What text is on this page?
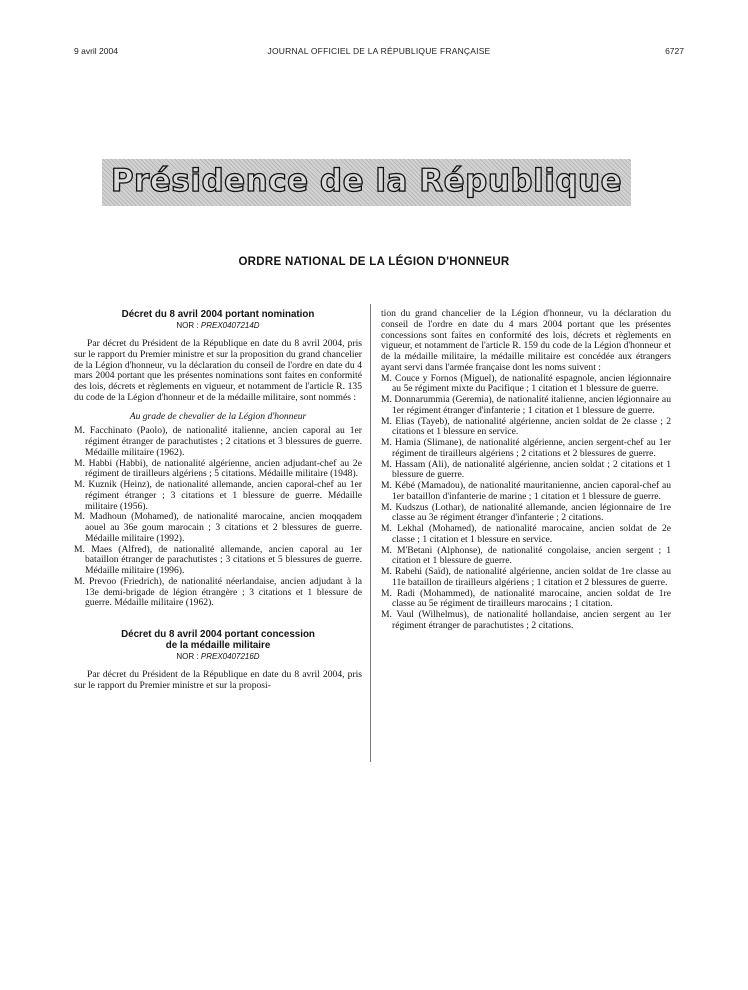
9 avril 2004	JOURNAL OFFICIEL DE LA RÉPUBLIQUE FRANÇAISE	6727
Présidence de la République
ORDRE NATIONAL DE LA LÉGION D'HONNEUR
Décret du 8 avril 2004 portant nomination
NOR : PREX0407214D

Par décret du Président de la République en date du 8 avril 2004, pris sur le rapport du Premier ministre et sur la proposition du grand chancelier de la Légion d'honneur, vu la déclaration du conseil de l'ordre en date du 4 mars 2004 portant que les présentes nominations sont faites en conformité des lois, décrets et règlements en vigueur, et notamment de l'article R. 135 du code de la Légion d'honneur et de la médaille militaire, sont nommés :

Au grade de chevalier de la Légion d'honneur

M. Facchinato (Paolo), de nationalité italienne, ancien caporal au 1er régiment étranger de parachutistes ; 2 citations et 3 blessures de guerre. Médaille militaire (1962).

M. Habbi (Habbi), de nationalité algérienne, ancien adjudant-chef au 2e régiment de tirailleurs algériens ; 5 citations. Médaille militaire (1948).

M. Kuznik (Heinz), de nationalité allemande, ancien caporal-chef au 1er régiment étranger ; 3 citations et 1 blessure de guerre. Médaille militaire (1956).

M. Madhoun (Mohamed), de nationalité marocaine, ancien moqqadem aouel au 36e goum marocain ; 3 citations et 2 blessures de guerre. Médaille militaire (1992).

M. Maes (Alfred), de nationalité allemande, ancien caporal au 1er bataillon étranger de parachutistes ; 3 citations et 5 blessures de guerre. Médaille militaire (1996).

M. Prevoo (Friedrich), de nationalité néerlandaise, ancien adjudant à la 13e demi-brigade de légion étrangère ; 3 citations et 1 blessure de guerre. Médaille militaire (1962).

Décret du 8 avril 2004 portant concession
de la médaille militaire
NOR : PREX0407216D

Par décret du Président de la République en date du 8 avril 2004, pris sur le rapport du Premier ministre et sur la proposi-

tion du grand chancelier de la Légion d'honneur, vu la déclaration du conseil de l'ordre en date du 4 mars 2004 portant que les présentes concessions sont faites en conformité des lois, décrets et règlements en vigueur, et notamment de l'article R. 159 du code de la Légion d'honneur et de la médaille militaire, la médaille militaire est concédée aux étrangers ayant servi dans l'armée française dont les noms suivent :

M. Couce y Fornos (Miguel), de nationalité espagnole, ancien légionnaire au 5e régiment mixte du Pacifique ; 1 citation et 1 blessure de guerre.

M. Donnarummia (Geremia), de nationalité italienne, ancien légionnaire au 1er régiment étranger d'infanterie ; 1 citation et 1 blessure de guerre.

M. Elias (Tayeb), de nationalité algérienne, ancien soldat de 2e classe ; 2 citations et 1 blessure en service.

M. Hamia (Slimane), de nationalité algérienne, ancien sergent-chef au 1er régiment de tirailleurs algériens ; 2 citations et 2 blessures de guerre.

M. Hassam (Ali), de nationalité algérienne, ancien soldat ; 2 citations et 1 blessure de guerre.

M. Kébé (Mamadou), de nationalité mauritanienne, ancien caporal-chef au 1er bataillon d'infanterie de marine ; 1 citation et 1 blessure de guerre.

M. Kudszus (Lothar), de nationalité allemande, ancien légionnaire de 1re classe au 3e régiment étranger d'infanterie ; 2 citations.

M. Lekhal (Mohamed), de nationalité marocaine, ancien soldat de 2e classe ; 1 citation et 1 blessure en service.

M. M'Betani (Alphonse), de nationalité congolaise, ancien sergent ; 1 citation et 1 blessure de guerre.

M. Rabehi (Saïd), de nationalité algérienne, ancien soldat de 1re classe au 11e bataillon de tirailleurs algériens ; 1 citation et 2 blessures de guerre.

M. Radi (Mohammed), de nationalité marocaine, ancien soldat de 1re classe au 5e régiment de tirailleurs marocains ; 1 citation.

M. Vaul (Wilhelmus), de nationalité hollandaise, ancien sergent au 1er régiment étranger de parachutistes ; 2 citations.
